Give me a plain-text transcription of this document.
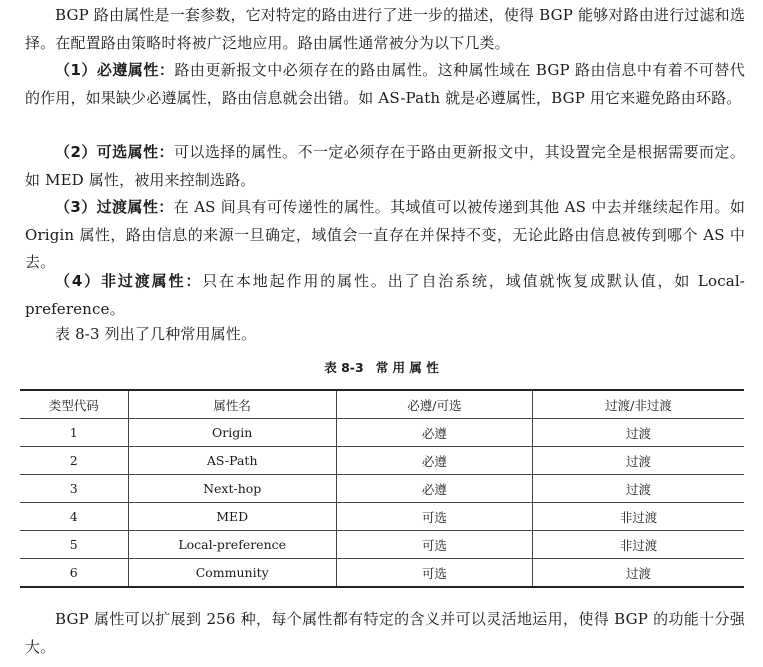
BGP 路由属性是一套参数，它对特定的路由进行了进一步的描述，使得 BGP 能够对路由进行过滤和选择。在配置路由策略时将被广泛地应用。路由属性通常被分为以下几类。

（1）必遵属性：路由更新报文中必须存在的路由属性。这种属性域在 BGP 路由信息中有着不可替代的作用，如果缺少必遵属性，路由信息就会出错。如 AS-Path 就是必遵属性，BGP 用它来避免路由环路。

（2）可选属性：可以选择的属性。不一定必须存在于路由更新报文中，其设置完全是根据需要而定。如 MED 属性，被用来控制选路。

（3）过渡属性：在 AS 间具有可传递性的属性。其域值可以被传递到其他 AS 中去并继续起作用。如 Origin 属性，路由信息的来源一旦确定，域值会一直存在并保持不变，无论此路由信息被传到哪个 AS 中去。

（4）非过渡属性：只在本地起作用的属性。出了自治系统，域值就恢复成默认值，如 Local-preference。

表 8-3 列出了几种常用属性。

表 8-3 常 用 属 性
类型代码	属性名	必遵/可选	过渡/非过渡
1	Origin	必遵	过渡
2	AS-Path	必遵	过渡
3	Next-hop	必遵	过渡
4	MED	可选	非过渡
5	Local-preference	可选	非过渡
6	Community	可选	过渡

BGP 属性可以扩展到 256 种，每个属性都有特定的含义并可以灵活地运用，使得 BGP 的功能十分强大。
